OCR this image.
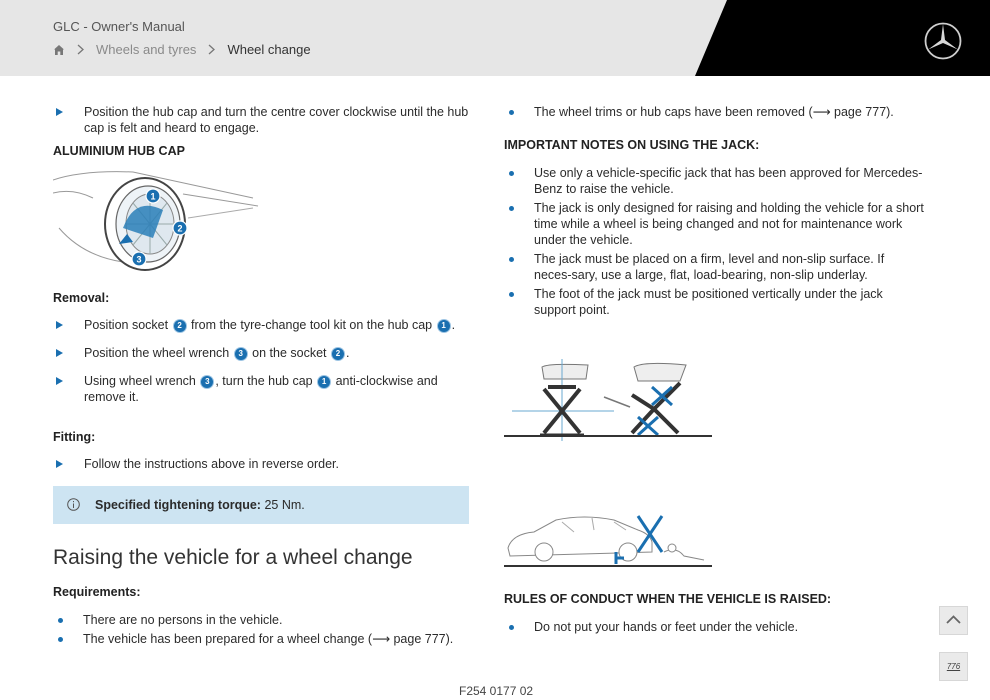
GLC - Owner's Manual
Wheels and tyres Wheel change
Position the hub cap and turn the centre cover clockwise until the hub cap is felt and heard to engage.
ALUMINIUM HUB CAP
1
2
3
Removal:
Position socket 2 from the tyre-change tool kit on the hub cap 1 .
Position the wheel wrench 3 on the socket 2 .
Using wheel wrench 3 , turn the hub cap 1 anti-clockwise and remove it.
Fitting:
Follow the instructions above in reverse order.
Specified tightening torque: 25 Nm.
Raising the vehicle for a wheel change
Requirements:
There are no persons in the vehicle.
The vehicle has been prepared for a wheel change (⟶ page 777).
The wheel trims or hub caps have been removed (⟶ page 777).
IMPORTANT NOTES ON USING THE JACK:
Use only a vehicle-specific jack that has been approved for Mercedes-Benz to raise the vehicle.
The jack is only designed for raising and holding the vehicle for a short time while a wheel is being changed and not for maintenance work under the vehicle.
The jack must be placed on a firm, level and non-slip surface. If neces-sary, use a large, flat, load-bearing, non-slip underlay.
The foot of the jack must be positioned vertically under the jack support point.
RULES OF CONDUCT WHEN THE VEHICLE IS RAISED:
Do not put your hands or feet under the vehicle.
776
F254 0177 02
